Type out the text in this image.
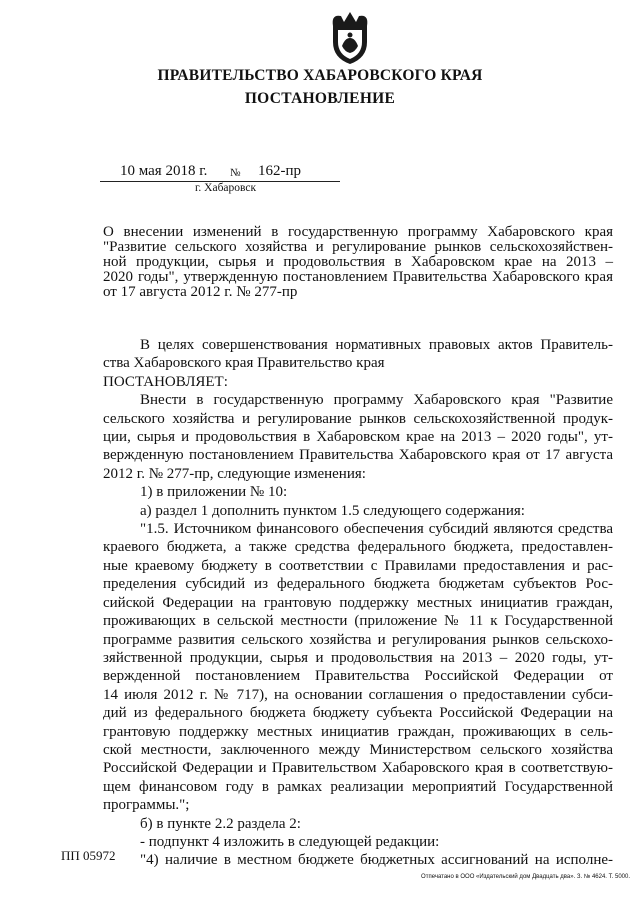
ПРАВИТЕЛЬСТВО ХАБАРОВСКОГО КРАЯ
ПОСТАНОВЛЕНИЕ
10 мая 2018 г. № 162-пр
г. Хабаровск
О внесении изменений в государственную программу Хабаровского края
"Развитие сельского хозяйства и регулирование рынков сельскохозяйствен-
ной продукции, сырья и продовольствия в Хабаровском крае на 2013 –
2020 годы", утвержденную постановлением Правительства Хабаровского края
от 17 августа 2012 г. № 277-пр
В целях совершенствования нормативных правовых актов Правитель-
ства Хабаровского края Правительство края
ПОСТАНОВЛЯЕТ:
Внести в государственную программу Хабаровского края "Развитие
сельского хозяйства и регулирование рынков сельскохозяйственной продук-
ции, сырья и продовольствия в Хабаровском крае на 2013 – 2020 годы", ут-
вержденную постановлением Правительства Хабаровского края от 17 августа
2012 г. № 277-пр, следующие изменения:
1) в приложении № 10:
а) раздел 1 дополнить пунктом 1.5 следующего содержания:
"1.5. Источником финансового обеспечения субсидий являются средства
краевого бюджета, а также средства федерального бюджета, предоставлен-
ные краевому бюджету в соответствии с Правилами предоставления и рас-
пределения субсидий из федерального бюджета бюджетам субъектов Рос-
сийской Федерации на грантовую поддержку местных инициатив граждан,
проживающих в сельской местности (приложение № 11 к Государственной
программе развития сельского хозяйства и регулирования рынков сельскохо-
зяйственной продукции, сырья и продовольствия на 2013 – 2020 годы, ут-
вержденной постановлением Правительства Российской Федерации от
14 июля 2012 г. № 717), на основании соглашения о предоставлении субси-
дий из федерального бюджета бюджету субъекта Российской Федерации на
грантовую поддержку местных инициатив граждан, проживающих в сель-
ской местности, заключенного между Министерством сельского хозяйства
Российской Федерации и Правительством Хабаровского края в соответствую-
щем финансовом году в рамках реализации мероприятий Государственной
программы.";
б) в пункте 2.2 раздела 2:
- подпункт 4 изложить в следующей редакции:
"4) наличие в местном бюджете бюджетных ассигнований на исполне-
ПП 05972
Отпечатано в ООО «Издательский дом Двадцать два». З. № 4624. Т. 5000.
